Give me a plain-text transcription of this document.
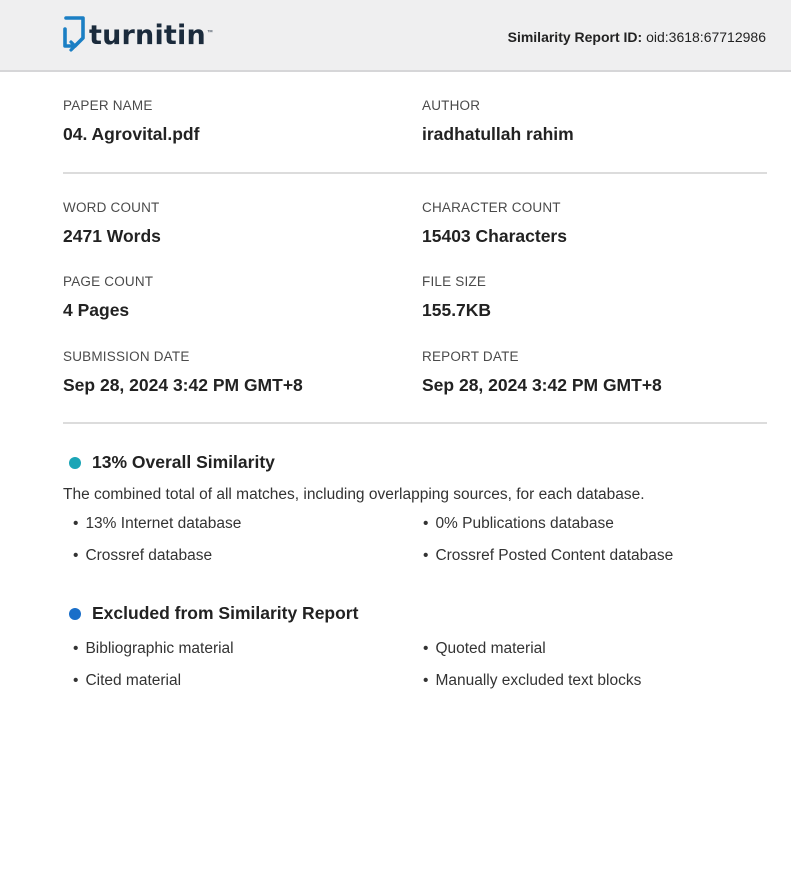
turnitin ™	Similarity Report ID: oid:3618:67712986
PAPER NAME
04. Agrovital.pdf
AUTHOR
iradhatullah rahim
WORD COUNT
2471 Words
CHARACTER COUNT
15403 Characters
PAGE COUNT
4 Pages
FILE SIZE
155.7KB
SUBMISSION DATE
Sep 28, 2024 3:42 PM GMT+8
REPORT DATE
Sep 28, 2024 3:42 PM GMT+8
13% Overall Similarity
The combined total of all matches, including overlapping sources, for each database.
• 13% Internet database	• 0% Publications database
• Crossref database	• Crossref Posted Content database
Excluded from Similarity Report
• Bibliographic material	• Quoted material
• Cited material	• Manually excluded text blocks
